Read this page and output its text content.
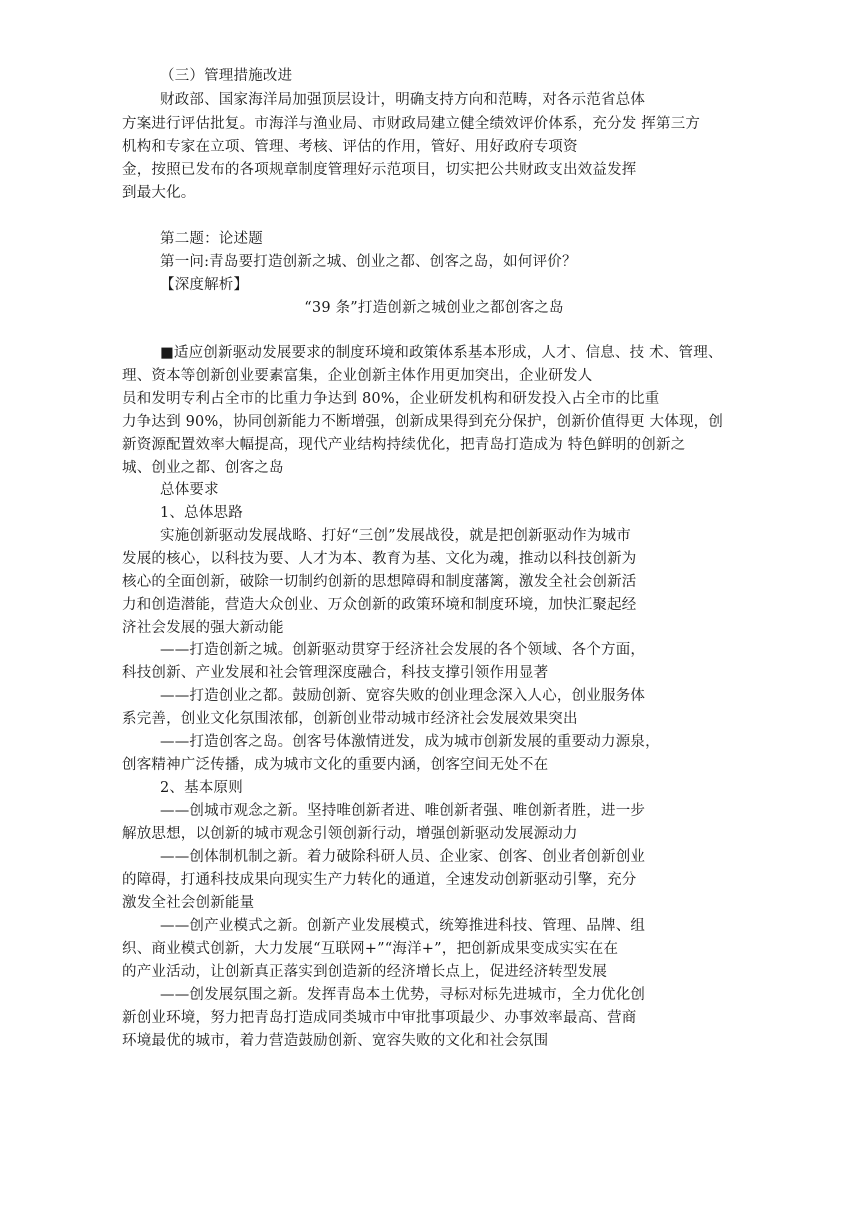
（三）管理措施改进
财政部、国家海洋局加强顶层设计，明确支持方向和范畴，对各示范省总体
方案进行评估批复。市海洋与渔业局、市财政局建立健全绩效评价体系，充分发 挥第三方
机构和专家在立项、管理、考核、评估的作用，管好、用好政府专项资
金，按照已发布的各项规章制度管理好示范项目，切实把公共财政支出效益发挥
到最大化。
第二题：论述题
第一问:青岛要打造创新之城、创业之都、创客之岛，如何评价？
【深度解析】
“39 条”打造创新之城创业之都创客之岛
■适应创新驱动发展要求的制度环境和政策体系基本形成，人才、信息、技 术、管理、
理、资本等创新创业要素富集，企业创新主体作用更加突出，企业研发人
员和发明专利占全市的比重力争达到 80%，企业研发机构和研发投入占全市的比重
力争达到 90%，协同创新能力不断增强，创新成果得到充分保护，创新价值得更 大体现，创
新资源配置效率大幅提高，现代产业结构持续优化，把青岛打造成为 特色鲜明的创新之
城、创业之都、创客之岛
总体要求
1、总体思路
实施创新驱动发展战略、打好“三创”发展战役，就是把创新驱动作为城市
发展的核心，以科技为要、人才为本、教育为基、文化为魂，推动以科技创新为
核心的全面创新，破除一切制约创新的思想障碍和制度藩篱，激发全社会创新活
力和创造潜能，营造大众创业、万众创新的政策环境和制度环境，加快汇聚起经
济社会发展的强大新动能
——打造创新之城。创新驱动贯穿于经济社会发展的各个领域、各个方面，
科技创新、产业发展和社会管理深度融合，科技支撑引领作用显著
——打造创业之都。鼓励创新、宽容失败的创业理念深入人心，创业服务体
系完善，创业文化氛围浓郁，创新创业带动城市经济社会发展效果突出
——打造创客之岛。创客号体激情迸发，成为城市创新发展的重要动力源泉，
创客精神广泛传播，成为城市文化的重要内涵，创客空间无处不在
2、基本原则
——创城市观念之新。坚持唯创新者进、唯创新者强、唯创新者胜，进一步
解放思想，以创新的城市观念引领创新行动，增强创新驱动发展源动力
——创体制机制之新。着力破除科研人员、企业家、创客、创业者创新创业
的障碍，打通科技成果向现实生产力转化的通道，全速发动创新驱动引擎，充分
激发全社会创新能量
——创产业模式之新。创新产业发展模式，统筹推进科技、管理、品牌、组
织、商业模式创新，大力发展“互联网+”“海洋+”，把创新成果变成实实在在
的产业活动，让创新真正落实到创造新的经济增长点上，促进经济转型发展
——创发展氛围之新。发挥青岛本土优势，寻标对标先进城市，全力优化创
新创业环境，努力把青岛打造成同类城市中审批事项最少、办事效率最高、营商
环境最优的城市，着力营造鼓励创新、宽容失败的文化和社会氛围
